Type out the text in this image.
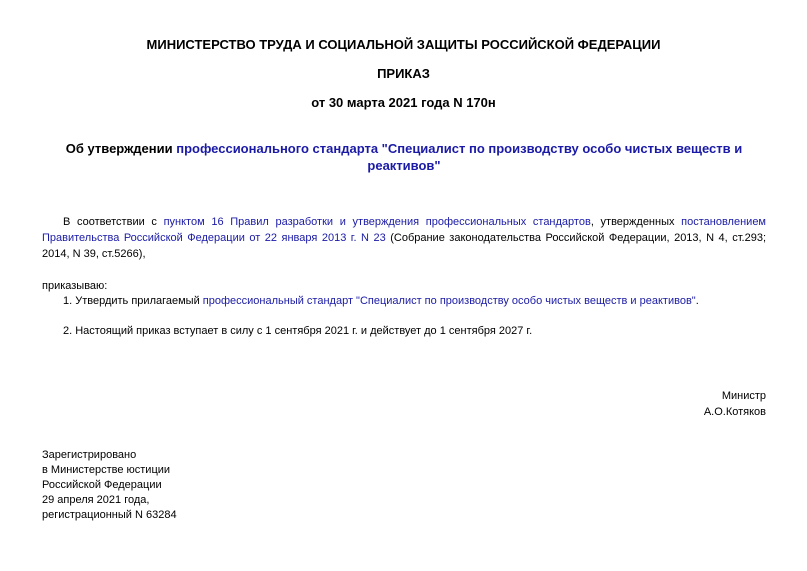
МИНИСТЕРСТВО ТРУДА И СОЦИАЛЬНОЙ ЗАЩИТЫ РОССИЙСКОЙ ФЕДЕРАЦИИ
ПРИКАЗ
от 30 марта 2021 года N 170н
Об утверждении профессионального стандарта "Специалист по производству особо чистых веществ и реактивов"
В соответствии с пунктом 16 Правил разработки и утверждения профессиональных стандартов, утвержденных постановлением Правительства Российской Федерации от 22 января 2013 г. N 23 (Собрание законодательства Российской Федерации, 2013, N 4, ст.293; 2014, N 39, ст.5266),
приказываю:
1. Утвердить прилагаемый профессиональный стандарт "Специалист по производству особо чистых веществ и реактивов".
2. Настоящий приказ вступает в силу с 1 сентября 2021 г. и действует до 1 сентября 2027 г.
Министр
А.О.Котяков
Зарегистрировано
в Министерстве юстиции
Российской Федерации
29 апреля 2021 года,
регистрационный N 63284
